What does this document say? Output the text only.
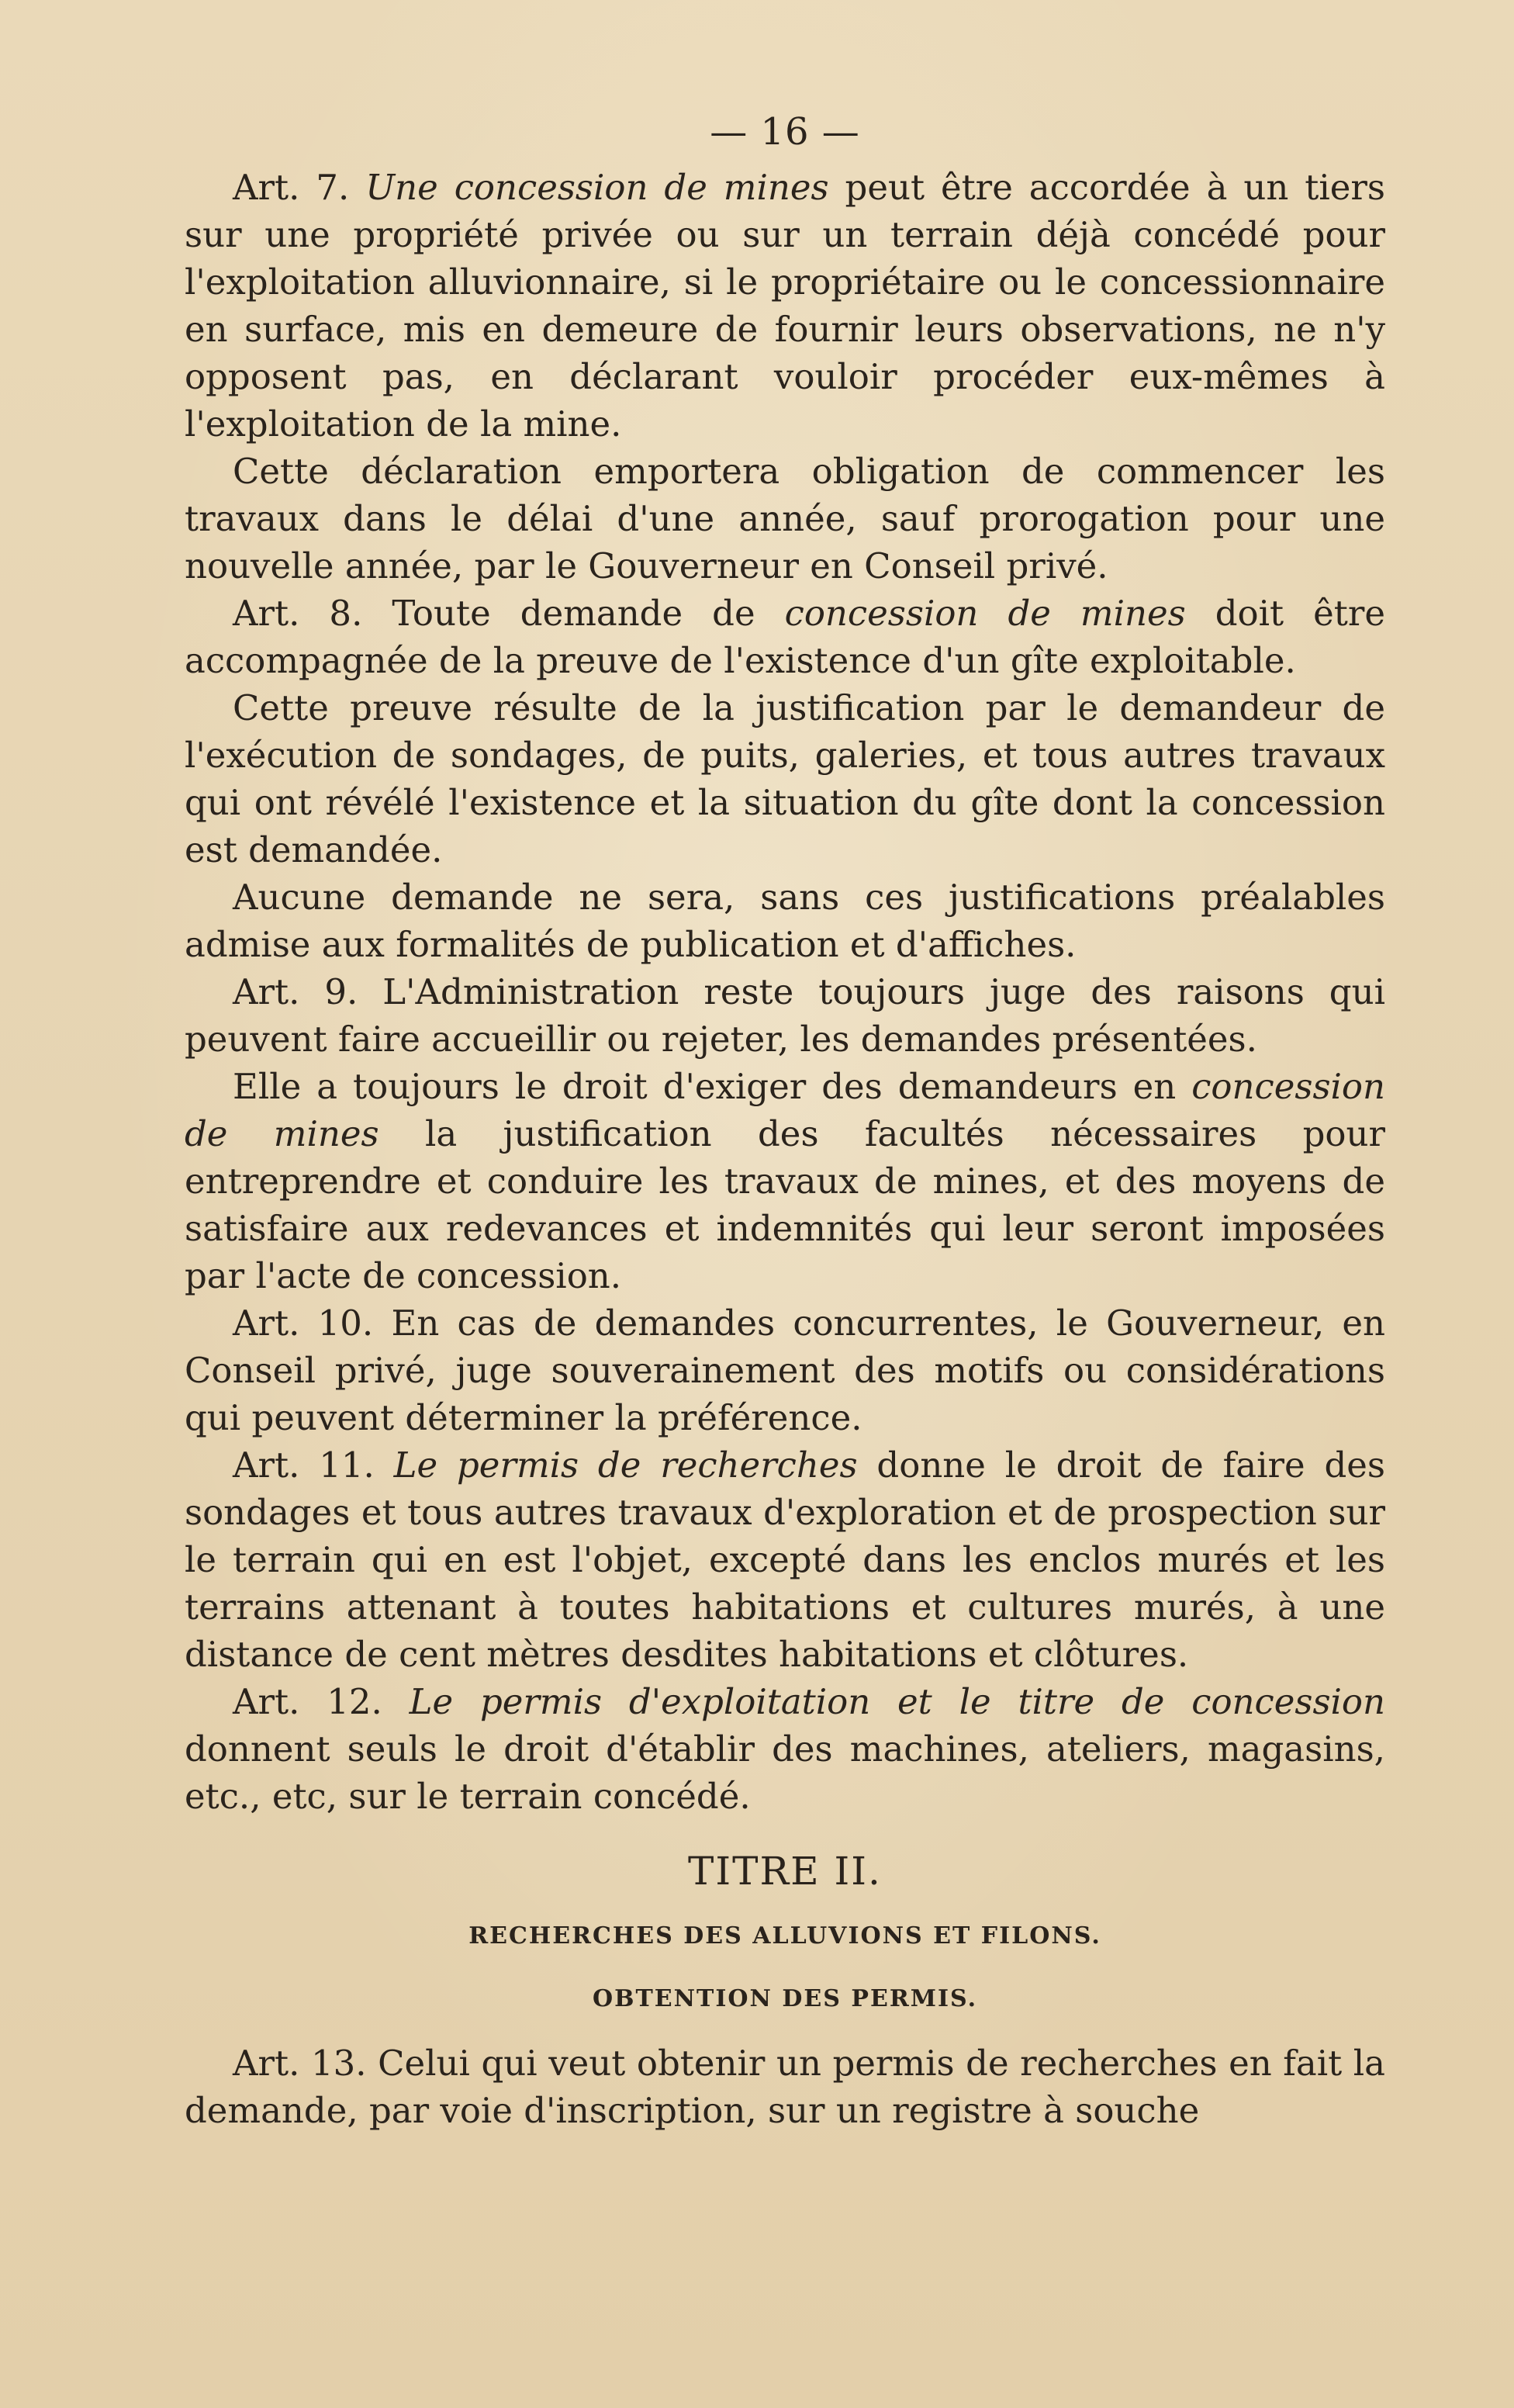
— 16 —

Art. 7. Une concession de mines peut être accordée à un tiers sur une propriété privée ou sur un terrain déjà concédé pour l'exploitation alluvionnaire, si le propriétaire ou le concessionnaire en surface, mis en demeure de fournir leurs observations, ne n'y opposent pas, en déclarant vouloir procéder eux-mêmes à l'exploitation de la mine.

Cette déclaration emportera obligation de commencer les travaux dans le délai d'une année, sauf prorogation pour une nouvelle année, par le Gouverneur en Conseil privé.

Art. 8. Toute demande de concession de mines doit être accompagnée de la preuve de l'existence d'un gîte exploitable.

Cette preuve résulte de la justification par le demandeur de l'exécution de sondages, de puits, galeries, et tous autres travaux qui ont révélé l'existence et la situation du gîte dont la concession est demandée.

Aucune demande ne sera, sans ces justifications préalables admise aux formalités de publication et d'affiches.

Art. 9. L'Administration reste toujours juge des raisons qui peuvent faire accueillir ou rejeter, les demandes présentées.

Elle a toujours le droit d'exiger des demandeurs en concession de mines la justification des facultés nécessaires pour entreprendre et conduire les travaux de mines, et des moyens de satisfaire aux redevances et indemnités qui leur seront imposées par l'acte de concession.

Art. 10. En cas de demandes concurrentes, le Gouverneur, en Conseil privé, juge souverainement des motifs ou considérations qui peuvent déterminer la préférence.

Art. 11. Le permis de recherches donne le droit de faire des sondages et tous autres travaux d'exploration et de prospection sur le terrain qui en est l'objet, excepté dans les enclos murés et les terrains attenant à toutes habitations et cultures murés, à une distance de cent mètres desdites habitations et clôtures.

Art. 12. Le permis d'exploitation et le titre de concession donnent seuls le droit d'établir des machines, ateliers, magasins, etc., etc, sur le terrain concédé.

TITRE II.
RECHERCHES DES ALLUVIONS ET FILONS.
OBTENTION DES PERMIS.

Art. 13. Celui qui veut obtenir un permis de recherches en fait la demande, par voie d'inscription, sur un registre à souche
